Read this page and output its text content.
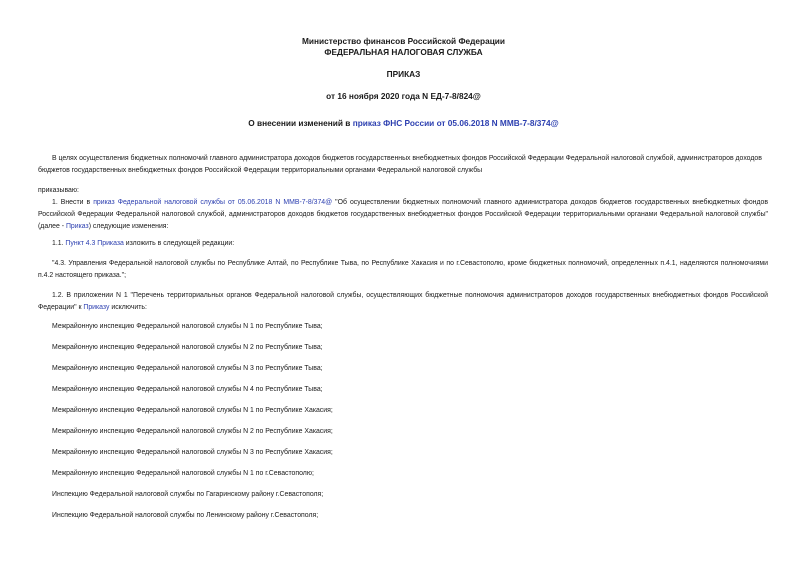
Министерство финансов Российской Федерации
ФЕДЕРАЛЬНАЯ НАЛОГОВАЯ СЛУЖБА
ПРИКАЗ
от 16 ноября 2020 года N ЕД-7-8/824@
О внесении изменений в приказ ФНС России от 05.06.2018 N ММВ-7-8/374@
В целях осуществления бюджетных полномочий главного администратора доходов бюджетов государственных внебюджетных фондов Российской Федерации Федеральной налоговой службой, администраторов доходов бюджетов государственных внебюджетных фондов Российской Федерации территориальными органами Федеральной налоговой службы
приказываю:
1. Внести в приказ Федеральной налоговой службы от 05.06.2018 N ММВ-7-8/374@ "Об осуществлении бюджетных полномочий главного администратора доходов бюджетов государственных внебюджетных фондов Российской Федерации Федеральной налоговой службой, администраторов доходов бюджетов государственных внебюджетных фондов Российской Федерации территориальными органами Федеральной налоговой службы" (далее - Приказ) следующие изменения:
1.1. Пункт 4.3 Приказа изложить в следующей редакции:
"4.3. Управления Федеральной налоговой службы по Республике Алтай, по Республике Тыва, по Республике Хакасия и по г.Севастополю, кроме бюджетных полномочий, определенных п.4.1, наделяются полномочиями п.4.2 настоящего приказа.";
1.2. В приложении N 1 "Перечень территориальных органов Федеральной налоговой службы, осуществляющих бюджетные полномочия администраторов доходов государственных внебюджетных фондов Российской Федерации" к Приказу исключить:
Межрайонную инспекцию Федеральной налоговой службы N 1 по Республике Тыва;
Межрайонную инспекцию Федеральной налоговой службы N 2 по Республике Тыва;
Межрайонную инспекцию Федеральной налоговой службы N 3 по Республике Тыва;
Межрайонную инспекцию Федеральной налоговой службы N 4 по Республике Тыва;
Межрайонную инспекцию Федеральной налоговой службы N 1 по Республике Хакасия;
Межрайонную инспекцию Федеральной налоговой службы N 2 по Республике Хакасия;
Межрайонную инспекцию Федеральной налоговой службы N 3 по Республике Хакасия;
Межрайонную инспекцию Федеральной налоговой службы N 1 по г.Севастополю;
Инспекцию Федеральной налоговой службы по Гагаринскому району г.Севастополя;
Инспекцию Федеральной налоговой службы по Ленинскому району г.Севастополя;
